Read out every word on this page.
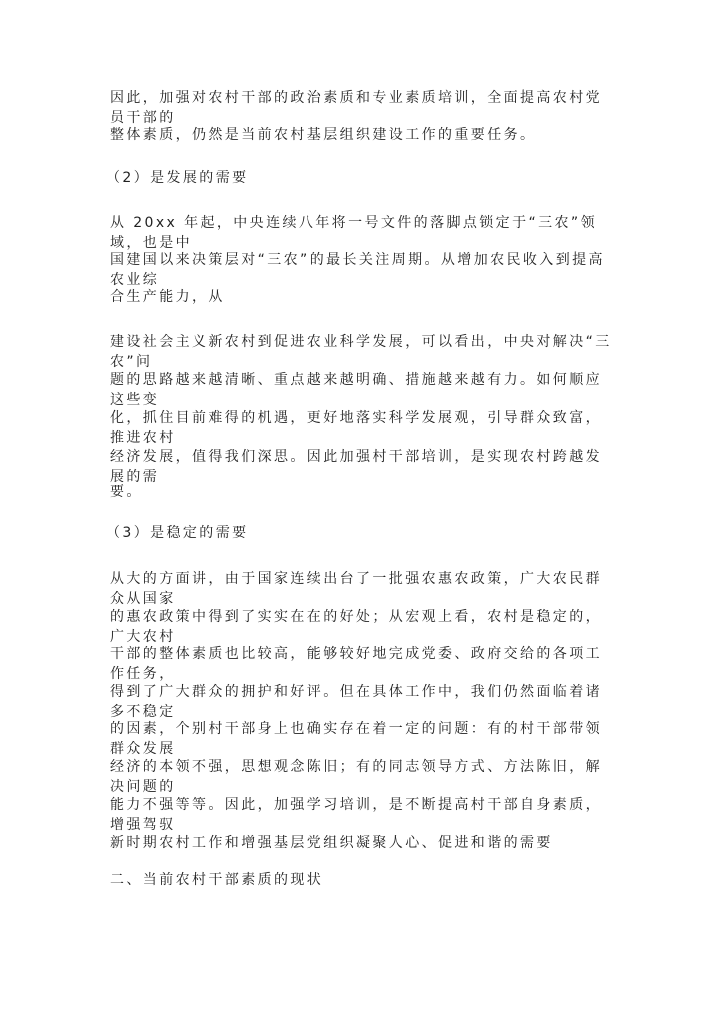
因此，加强对农村干部的政治素质和专业素质培训，全面提高农村党员干部的
整体素质，仍然是当前农村基层组织建设工作的重要任务。
（2）是发展的需要
从 20xx 年起，中央连续八年将一号文件的落脚点锁定于“三农”领域，也是中
国建国以来决策层对“三农”的最长关注周期。从增加农民收入到提高农业综
合生产能力，从
建设社会主义新农村到促进农业科学发展，可以看出，中央对解决“三农”问
题的思路越来越清晰、重点越来越明确、措施越来越有力。如何顺应这些变
化，抓住目前难得的机遇，更好地落实科学发展观，引导群众致富，推进农村
经济发展，值得我们深思。因此加强村干部培训，是实现农村跨越发展的需
要。
（3）是稳定的需要
从大的方面讲，由于国家连续出台了一批强农惠农政策，广大农民群众从国家
的惠农政策中得到了实实在在的好处；从宏观上看，农村是稳定的，广大农村
干部的整体素质也比较高，能够较好地完成党委、政府交给的各项工作任务，
得到了广大群众的拥护和好评。但在具体工作中，我们仍然面临着诸多不稳定
的因素，个别村干部身上也确实存在着一定的问题：有的村干部带领群众发展
经济的本领不强，思想观念陈旧；有的同志领导方式、方法陈旧，解决问题的
能力不强等等。因此，加强学习培训，是不断提高村干部自身素质，增强驾驭
新时期农村工作和增强基层党组织凝聚人心、促进和谐的需要
二、当前农村干部素质的现状
